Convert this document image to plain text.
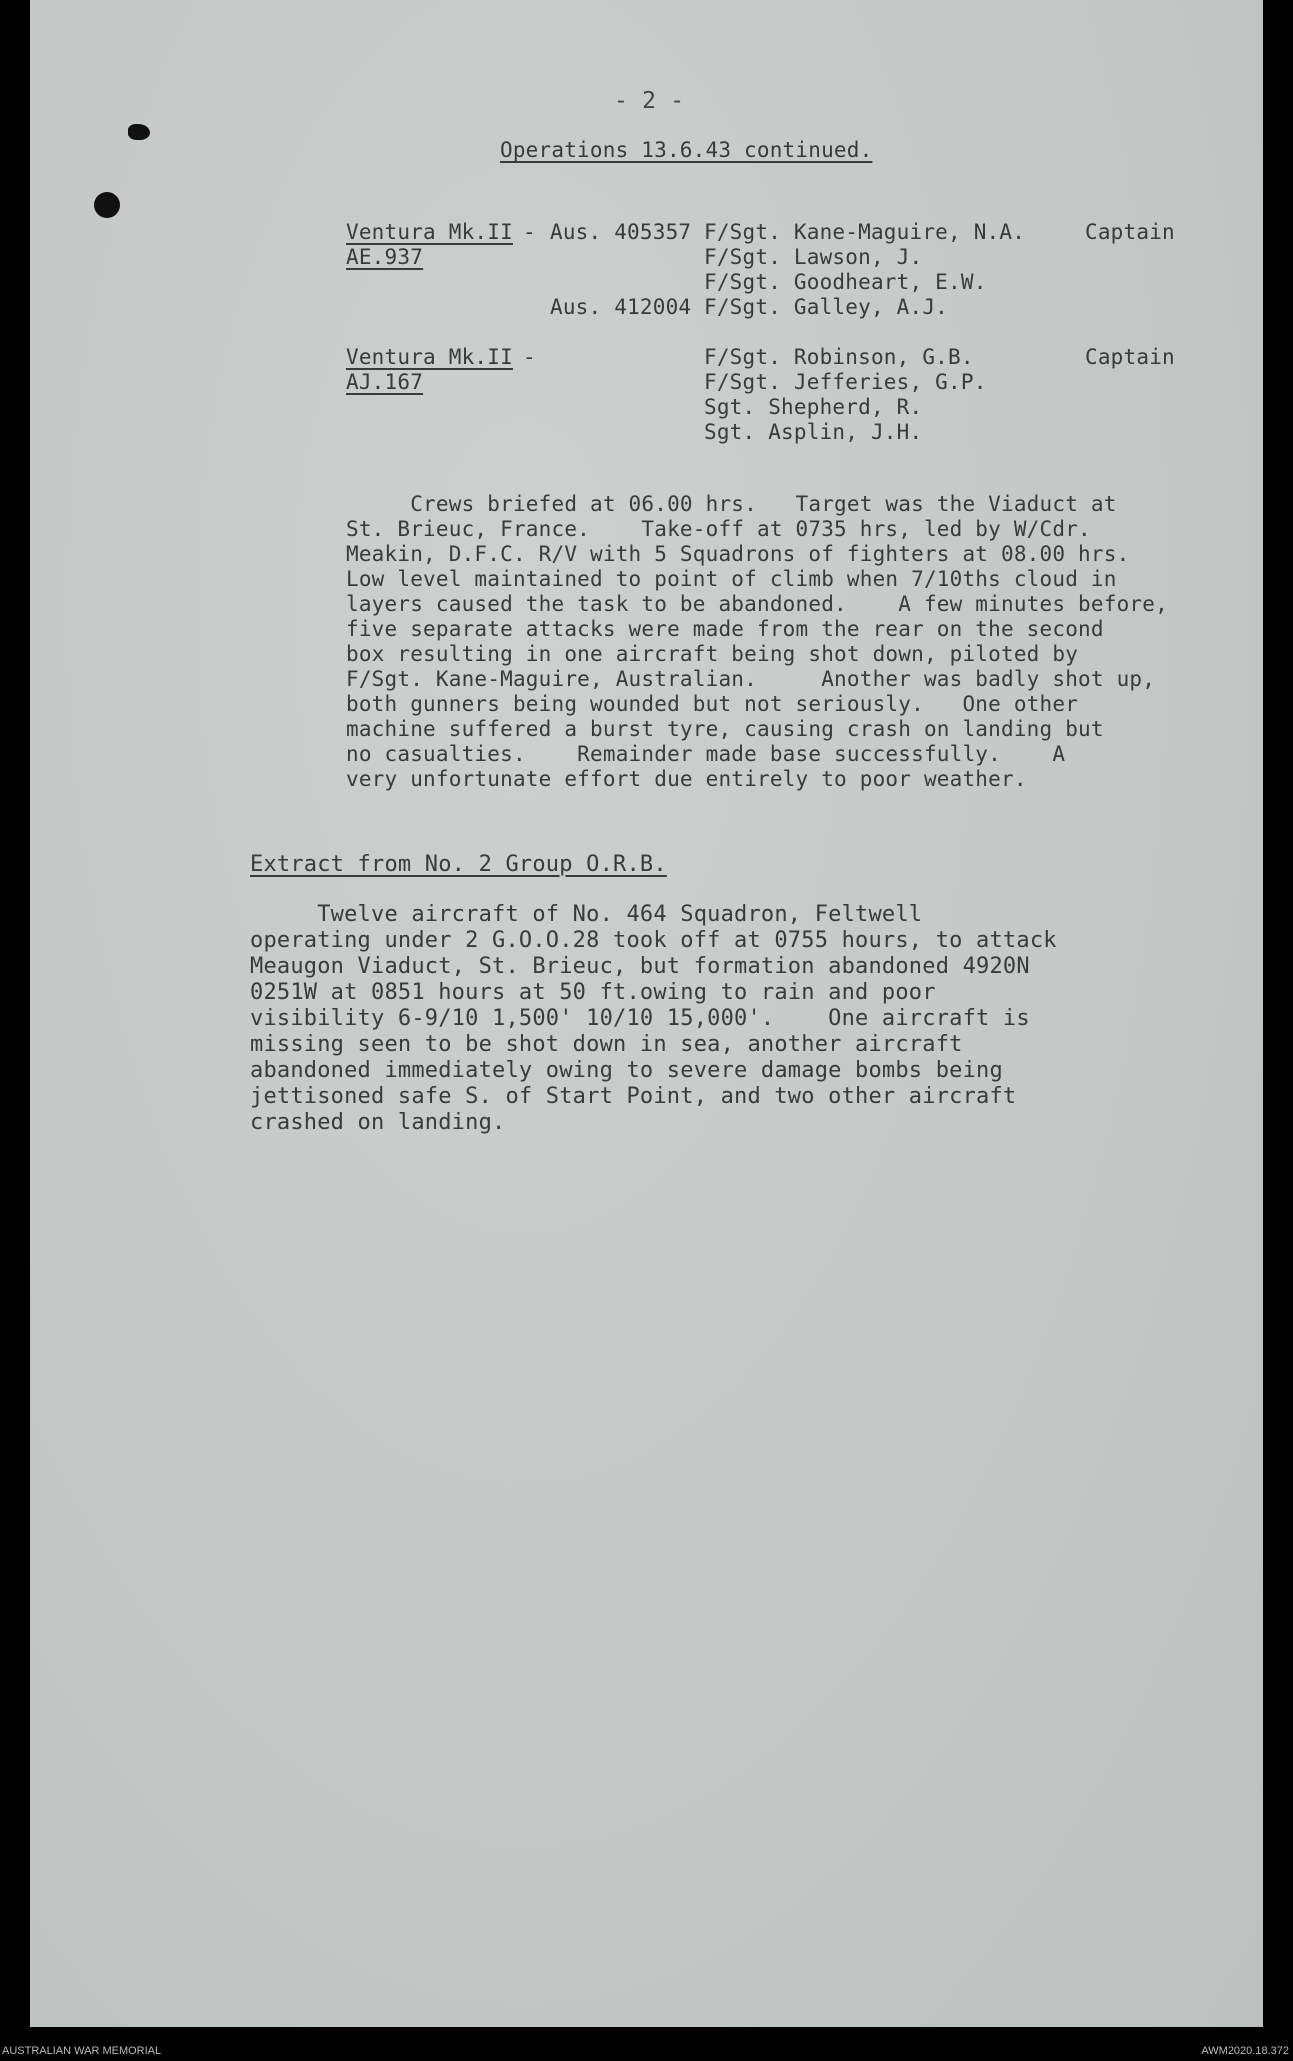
- 2 -
Operations 13.6.43 continued.
Ventura Mk.II -
AE.937
Aus. 405357 F/Sgt. Kane-Maguire, N.A.	Captain
F/Sgt. Lawson, J.
F/Sgt. Goodheart, E.W.
Aus. 412004 F/Sgt. Galley, A.J.
Ventura Mk.II -
AJ.167
F/Sgt. Robinson, G.B.	Captain
F/Sgt. Jefferies, G.P.
Sgt. Shepherd, R.
Sgt. Asplin, J.H.
Crews briefed at 06.00 hrs.   Target was the Viaduct at
St. Brieuc, France.    Take-off at 0735 hrs, led by W/Cdr.
Meakin, D.F.C. R/V with 5 Squadrons of fighters at 08.00 hrs.
Low level maintained to point of climb when 7/10ths cloud in
layers caused the task to be abandoned.    A few minutes before,
five separate attacks were made from the rear on the second
box resulting in one aircraft being shot down, piloted by
F/Sgt. Kane-Maguire, Australian.     Another was badly shot up,
both gunners being wounded but not seriously.   One other
machine suffered a burst tyre, causing crash on landing but
no casualties.    Remainder made base successfully.    A
very unfortunate effort due entirely to poor weather.
Extract from No. 2 Group O.R.B.
Twelve aircraft of No. 464 Squadron, Feltwell
operating under 2 G.O.O.28 took off at 0755 hours, to attack
Meaugon Viaduct, St. Brieuc, but formation abandoned 4920N
0251W at 0851 hours at 50 ft.owing to rain and poor
visibility 6-9/10 1,500' 10/10 15,000'.    One aircraft is
missing seen to be shot down in sea, another aircraft
abandoned immediately owing to severe damage bombs being
jettisoned safe S. of Start Point, and two other aircraft
crashed on landing.
AUSTRALIAN WAR MEMORIAL	AWM2020.18.372
